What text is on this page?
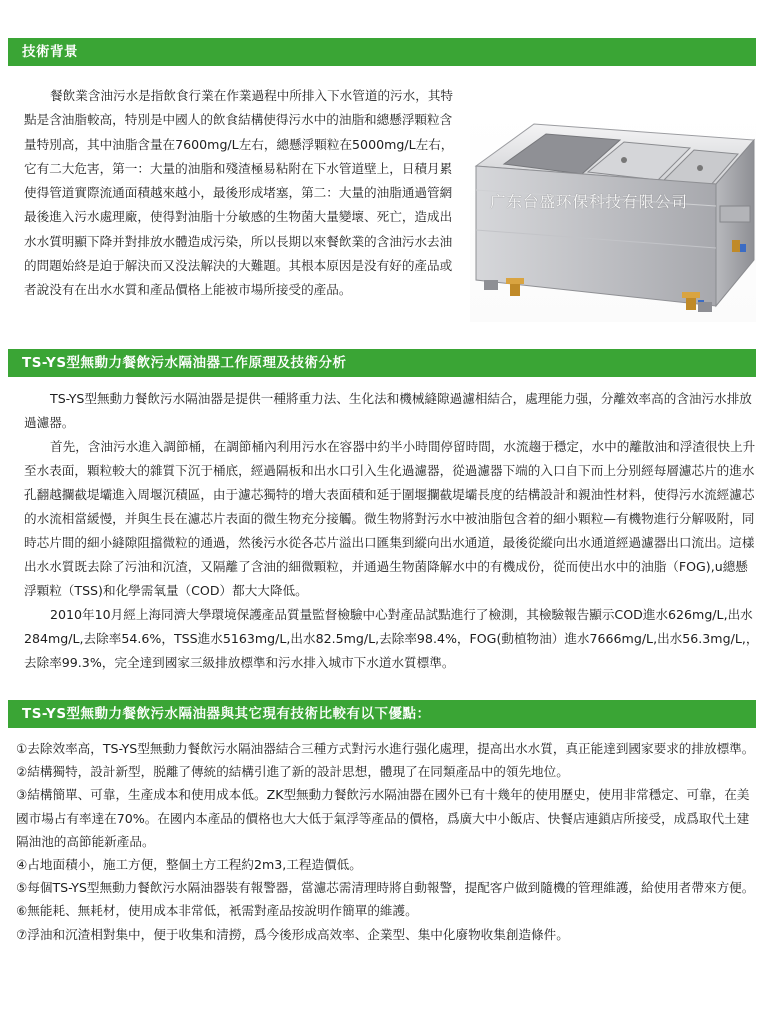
技術背景

餐飲業含油污水是指飲食行業在作業過程中所排入下水管道的污水，其特點是含油脂較高，特別是中國人的飲食結構使得污水中的油脂和總懸浮顆粒含量特別高，其中油脂含量在7600mg/L左右，總懸浮顆粒在5000mg/L左右，它有二大危害，第一：大量的油脂和殘渣極易粘附在下水管道壁上，日積月累使得管道實際流通面積越來越小，最後形成堵塞，第二：大量的油脂通過管網最後進入污水處理廠，使得對油脂十分敏感的生物菌大量變壞、死亡，造成出水水質明顯下降并對排放水體造成污染，所以長期以來餐飲業的含油污水去油的問題始終是迫于解決而又没法解決的大難題。其根本原因是没有好的產品或者說没有在出水水質和產品價格上能被市場所接受的產品。

广东台盛环保科技有限公司
TS-YS型無動力餐飲污水隔油器工作原理及技術分析

TS-YS型無動力餐飲污水隔油器是提供一種將重力法、生化法和機械縫隙過濾相結合，處理能力强，分離效率高的含油污水排放過濾器。

首先，含油污水進入調節桶，在調節桶內利用污水在容器中約半小時間停留時間，水流趨于穩定，水中的離散油和浮渣很快上升至水表面，顆粒較大的雜質下沉于桶底，經過隔板和出水口引入生化過濾器，從過濾器下端的入口自下而上分别經每層濾芯片的進水孔翻越攔截堤壩進入周堰沉積區，由于濾芯獨特的增大表面積和延于圍堰攔截堤壩長度的结構設計和親油性材料，使得污水流經濾芯的水流相當緩慢，并與生長在濾芯片表面的微生物充分接觸。微生物將對污水中被油脂包含着的細小顆粒—有機物進行分解吸附，同時芯片間的細小縫隙阻擋微粒的通過，然後污水從各芯片溢出口匯集到縱向出水通道，最後從縱向出水通道經過濾器出口流出。這樣出水水質既去除了污油和沉渣，又隔離了含油的細微顆粒，并通過生物菌降解水中的有機成份，從而使出水中的油脂（FOG),u總懸浮顆粒（TSS)和化學需氧量（COD）都大大降低。

2010年10月經上海同濟大學環境保護產品質量監督檢驗中心對產品試點進行了檢測，其檢驗報告顯示COD進水626mg/L,出水284mg/L,去除率54.6%，TSS進水5163mg/L,出水82.5mg/L,去除率98.4%，FOG(動植物油）進水7666mg/L,出水56.3mg/L,，去除率99.3%，完全達到國家三級排放標準和污水排入城市下水道水質標準。

TS-YS型無動力餐飲污水隔油器與其它現有技術比較有以下優點：

①去除效率高，TS-YS型無動力餐飲污水隔油器結合三種方式對污水進行强化處理，提高出水水質，真正能達到國家要求的排放標準。

②結構獨特，設計新型，脱離了傳統的結構引進了新的設計思想，體現了在同類產品中的領先地位。

③結構簡單、可靠，生產成本和使用成本低。ZK型無動力餐飲污水隔油器在國外已有十幾年的使用歷史，使用非常穩定、可靠，在美國市場占有率達在70%。在國内本產品的價格也大大低于氣浮等產品的價格，爲廣大中小飯店、快餐店連鎖店所接受，成爲取代土建隔油池的高節能新產品。

④占地面積小，施工方便，整個土方工程約2m3,工程造價低。

⑤每個TS-YS型無動力餐飲污水隔油器裝有報警器，當濾芯需清理時將自動報警，提配客户做到隨機的管理維護，給使用者帶來方便。

⑥無能耗、無耗材，使用成本非常低，衹需對產品按說明作簡單的維護。

⑦浮油和沉渣相對集中，便于收集和清撈，爲今後形成高效率、企業型、集中化廢物收集創造條件。
